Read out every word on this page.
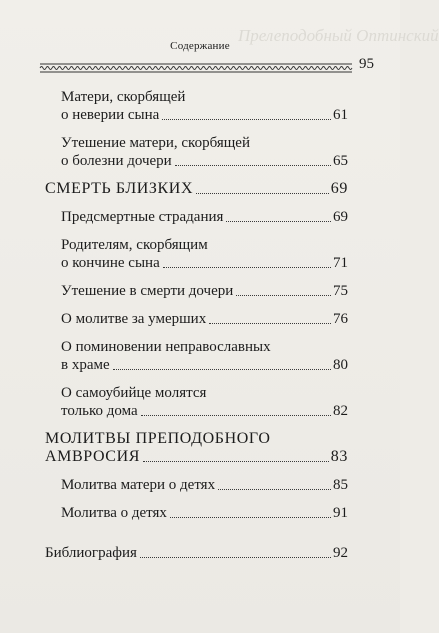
Прелеподобный Оптинский
Содержание
95
Матери, скорбящей
о неверии сына	61
Утешение матери, скорбящей
о болезни дочери	65
СМЕРТЬ БЛИЗКИХ	69
Предсмертные страдания	69
Родителям, скорбящим
о кончине сына	71
Утешение в смерти дочери	75
О молитве за умерших	76
О поминовении неправославных
в храме	80
О самоубийце молятся
только дома	82
МОЛИТВЫ ПРЕПОДОБНОГО
АМВРОСИЯ	83
Молитва матери о детях	85
Молитва о детях	91
Библиография	92
